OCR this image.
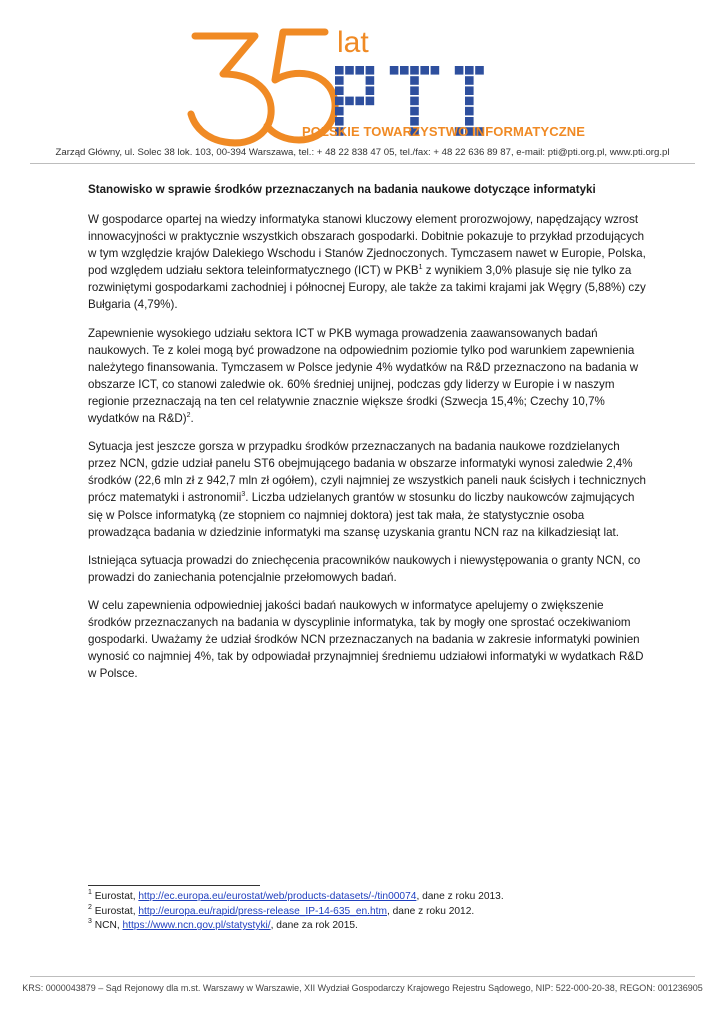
lat
POLSKIE TOWARZYSTWO INFORMATYCZNE
Zarząd Główny, ul. Solec 38 lok. 103, 00-394 Warszawa, tel.: + 48 22 838 47 05, tel./fax: + 48 22 636 89 87, e-mail: pti@pti.org.pl, www.pti.org.pl
Stanowisko w sprawie środków przeznaczanych na badania naukowe dotyczące informatyki

W gospodarce opartej na wiedzy informatyka stanowi kluczowy element prorozwojowy, napędzający wzrost innowacyjności w praktycznie wszystkich obszarach gospodarki. Dobitnie pokazuje to przykład przodujących w tym względzie krajów Dalekiego Wschodu i Stanów Zjednoczonych. Tymczasem nawet w Europie, Polska, pod względem udziału sektora teleinformatycznego (ICT) w PKB$^1$ z wynikiem 3,0% plasuje się nie tylko za rozwiniętymi gospodarkami zachodniej i północnej Europy, ale także za takimi krajami jak Węgry (5,88%) czy Bułgaria (4,79%).

Zapewnienie wysokiego udziału sektora ICT w PKB wymaga prowadzenia zaawansowanych badań naukowych. Te z kolei mogą być prowadzone na odpowiednim poziomie tylko pod warunkiem zapewnienia należytego finansowania. Tymczasem w Polsce jedynie 4% wydatków na R&D przeznaczono na badania w obszarze ICT, co stanowi zaledwie ok. 60% średniej unijnej, podczas gdy liderzy w Europie i w naszym regionie przeznaczają na ten cel relatywnie znacznie większe środki (Szwecja 15,4%; Czechy 10,7% wydatków na R&D)$^2$.

Sytuacja jest jeszcze gorsza w przypadku środków przeznaczanych na badania naukowe rozdzielanych przez NCN, gdzie udział panelu ST6 obejmującego badania w obszarze informatyki wynosi zaledwie 2,4% środków (22,6 mln zł z 942,7 mln zł ogółem), czyli najmniej ze wszystkich paneli nauk ścisłych i technicznych prócz matematyki i astronomii$^3$. Liczba udzielanych grantów w stosunku do liczby naukowców zajmujących się w Polsce informatyką (ze stopniem co najmniej doktora) jest tak mała, że statystycznie osoba prowadząca badania w dziedzinie informatyki ma szansę uzyskania grantu NCN raz na kilkadziesiąt lat.

Istniejąca sytuacja prowadzi do zniechęcenia pracowników naukowych i niewystępowania o granty NCN, co prowadzi do zaniechania potencjalnie przełomowych badań.

W celu zapewnienia odpowiedniej jakości badań naukowych w informatyce apelujemy o zwiększenie środków przeznaczanych na badania w dyscyplinie informatyka, tak by mogły one sprostać oczekiwaniom gospodarki. Uważamy że udział środków NCN przeznaczanych na badania w zakresie informatyki powinien wynosić co najmniej 4%, tak by odpowiadał przynajmniej średniemu udziałowi informatyki w wydatkach R&D w Polsce.

$^1$ Eurostat, http://ec.europa.eu/eurostat/web/products-datasets/-/tin00074, dane z roku 2013.
$^2$ Eurostat, http://europa.eu/rapid/press-release_IP-14-635_en.htm, dane z roku 2012.
$^3$ NCN, https://www.ncn.gov.pl/statystyki/, dane za rok 2015.
KRS: 0000043879 – Sąd Rejonowy dla m.st. Warszawy w Warszawie, XII Wydział Gospodarczy Krajowego Rejestru Sądowego, NIP: 522-000-20-38, REGON: 001236905
